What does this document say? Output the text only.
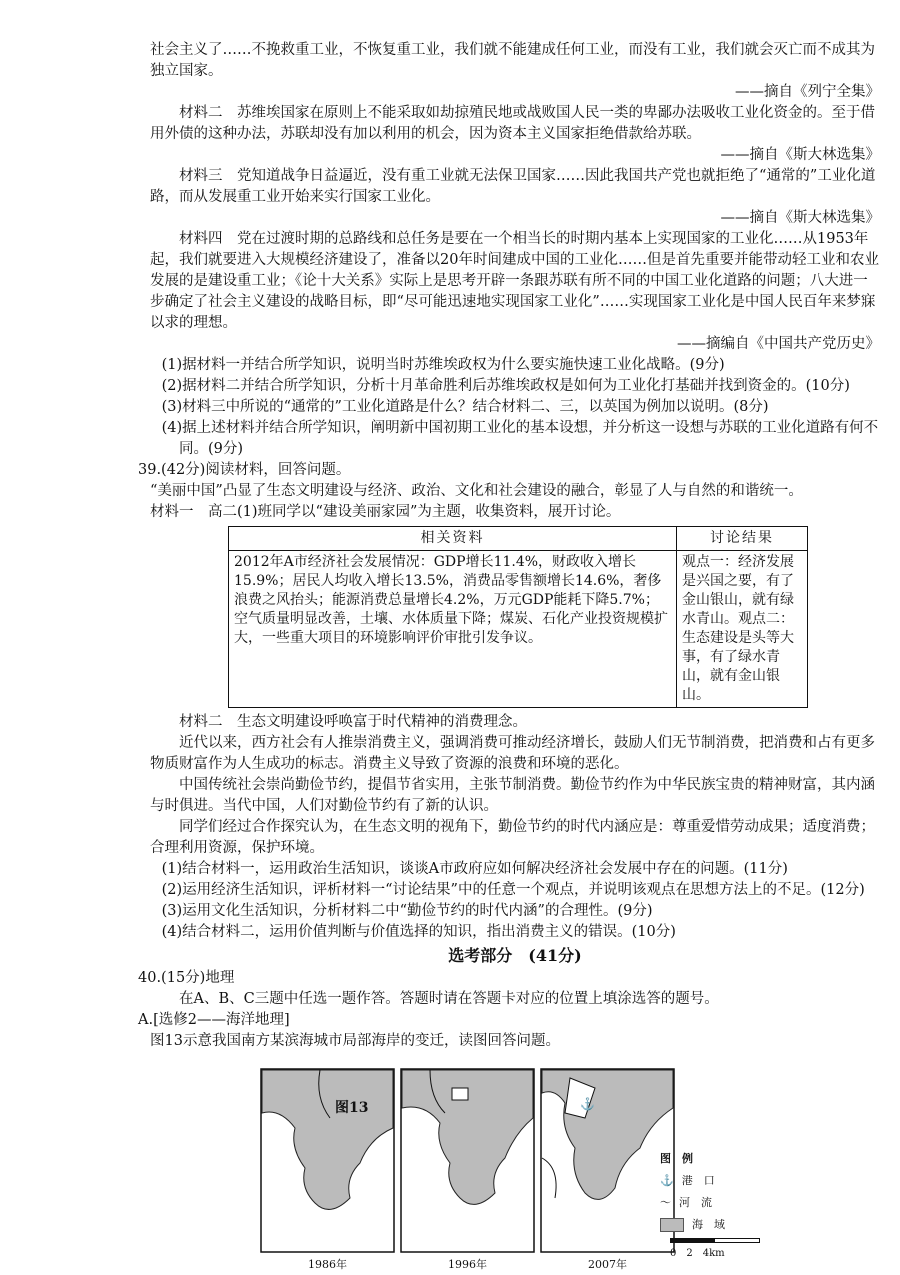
社会主义了……不挽救重工业，不恢复重工业，我们就不能建成任何工业，而没有工业，我们就会灭亡而不成其为独立国家。

——摘自《列宁全集》

材料二　苏维埃国家在原则上不能采取如劫掠殖民地或战败国人民一类的卑鄙办法吸收工业化资金的。至于借用外债的这种办法，苏联却没有加以利用的机会，因为资本主义国家拒绝借款给苏联。

——摘自《斯大林选集》

材料三　党知道战争日益逼近，没有重工业就无法保卫国家……因此我国共产党也就拒绝了“通常的”工业化道路，而从发展重工业开始来实行国家工业化。

——摘自《斯大林选集》

材料四　党在过渡时期的总路线和总任务是要在一个相当长的时期内基本上实现国家的工业化……从1953年起，我们就要进入大规模经济建设了，准备以20年时间建成中国的工业化……但是首先重要并能带动轻工业和农业发展的是建设重工业；《论十大关系》实际上是思考开辟一条跟苏联有所不同的中国工业化道路的问题；八大进一步确定了社会主义建设的战略目标，即“尽可能迅速地实现国家工业化”……实现国家工业化是中国人民百年来梦寐以求的理想。

——摘编自《中国共产党历史》

(1)据材料一并结合所学知识，说明当时苏维埃政权为什么要实施快速工业化战略。(9分)

(2)据材料二并结合所学知识，分析十月革命胜利后苏维埃政权是如何为工业化打基础并找到资金的。(10分)

(3)材料三中所说的“通常的”工业化道路是什么？结合材料二、三，以英国为例加以说明。(8分)

(4)据上述材料并结合所学知识，阐明新中国初期工业化的基本设想，并分析这一设想与苏联的工业化道路有何不同。(9分)

39.(42分)阅读材料，回答问题。

“美丽中国”凸显了生态文明建设与经济、政治、文化和社会建设的融合，彰显了人与自然的和谐统一。

材料一　高二(1)班同学以“建设美丽家园”为主题，收集资料，展开讨论。

相关资料	讨论结果
2012年A市经济社会发展情况：GDP增长11.4%，财政收入增长15.9%；居民人均收入增长13.5%，消费品零售额增长14.6%，奢侈浪费之风抬头；能源消费总量增长4.2%，万元GDP能耗下降5.7%；空气质量明显改善，土壤、水体质量下降；煤炭、石化产业投资规模扩大，一些重大项目的环境影响评价审批引发争议。	观点一：经济发展是兴国之要，有了金山银山，就有绿水青山。观点二：生态建设是头等大事，有了绿水青山，就有金山银山。

材料二　生态文明建设呼唤富于时代精神的消费理念。

近代以来，西方社会有人推崇消费主义，强调消费可推动经济增长，鼓励人们无节制消费，把消费和占有更多物质财富作为人生成功的标志。消费主义导致了资源的浪费和环境的恶化。

中国传统社会崇尚勤俭节约，提倡节省实用，主张节制消费。勤俭节约作为中华民族宝贵的精神财富，其内涵与时俱进。当代中国，人们对勤俭节约有了新的认识。

同学们经过合作探究认为，在生态文明的视角下，勤俭节约的时代内涵应是：尊重爱惜劳动成果；适度消费；合理利用资源，保护环境。

(1)结合材料一，运用政治生活知识，谈谈A市政府应如何解决经济社会发展中存在的问题。(11分)

(2)运用经济生活知识，评析材料一“讨论结果”中的任意一个观点，并说明该观点在思想方法上的不足。(12分)

(3)运用文化生活知识，分析材料二中“勤俭节约的时代内涵”的合理性。(9分)

(4)结合材料二，运用价值判断与价值选择的知识，指出消费主义的错误。(10分)

选考部分　(41分)

40.(15分)地理

在A、B、C三题中任选一题作答。答题时请在答题卡对应的位置上填涂选答的题号。

A.[选修2——海洋地理]

图13示意我国南方某滨海城市局部海岸的变迁，读图回答问题。

1986年	1996年
⚓
2007年
图　例
⚓ 港　口
〜 河　流
海　域
0　2　4km
图13
